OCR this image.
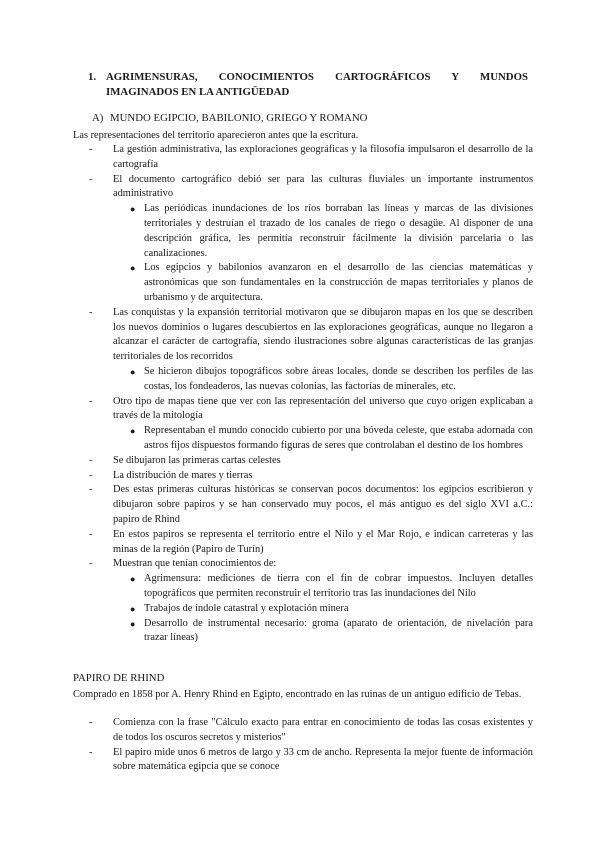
1. AGRIMENSURAS, CONOCIMIENTOS CARTOGRÁFICOS Y MUNDOS IMAGINADOS EN LA ANTIGÜEDAD
A) MUNDO EGIPCIO, BABILONIO, GRIEGO Y ROMANO
Las representaciones del territorio aparecieron antes que la escritura.
- La gestión administrativa, las exploraciones geográficas y la filosofía impulsaron el desarrollo de la cartografía
- El documento cartográfico debió ser para las culturas fluviales un importante instrumentos administrativo
● Las periódicas inundaciones de los ríos borraban las líneas y marcas de las divisiones territoriales y destruían el trazado de los canales de riego o desagüe. Al disponer de una descripción gráfica, les permitía reconstruir fácilmente la división parcelaria o las canalizaciones.
● Los egipcios y babilonios avanzaron en el desarrollo de las ciencias matemáticas y astronómicas que son fundamentales en la construcción de mapas territoriales y planos de urbanismo y de arquitectura.
- Las conquistas y la expansión territorial motivaron que se dibujaron mapas en los que se describen los nuevos dominios o lugares descubiertos en las exploraciones geográficas, aunque no llegaron a alcanzar el carácter de cartografía, siendo ilustraciones sobre algunas características de las granjas territoriales de los recorridos
● Se hicieron dibujos topográficos sobre áreas locales, donde se describen los perfiles de las costas, los fondeaderos, las nuevas colonias, las factorías de minerales, etc.
- Otro tipo de mapas tiene que ver con las representación del universo que cuyo origen explicaban a través de la mitología
● Representaban el mundo conocido cubierto por una bóveda celeste, que estaba adornada con astros fijos dispuestos formando figuras de seres que controlaban el destino de los hombres
- Se dibujaron las primeras cartas celestes
- La distribución de mares y tierras
- Des estas primeras culturas históricas se conservan pocos documentos: los egipcios escribieron y dibujaron sobre papiros y se han conservado muy pocos, el más antiguo es del siglo XVI a.C.: papiro de Rhind
- En estos papiros se representa el territorio entre el Nilo y el Mar Rojo, e indican carreteras y las minas de la región (Papiro de Turín)
- Muestran que tenían conocimientos de:
● Agrimensura: mediciones de tierra con el fin de cobrar impuestos. Incluyen detalles topográficos que permiten reconstruir el territorio tras las inundaciones del Nilo
● Trabajos de índole catastral y explotación minera
● Desarrollo de instrumental necesario: groma (aparato de orientación, de nivelación para trazar líneas)
PAPIRO DE RHIND
Comprado en 1858 por A. Henry Rhind en Egipto, encontrado en las ruinas de un antiguo edificio de Tebas.
- Comienza con la frase "Cálculo exacto para entrar en conocimiento de todas las cosas existentes y de todos los oscuros secretos y misterios"
- El papiro mide unos 6 metros de largo y 33 cm de ancho. Representa la mejor fuente de información sobre matemática egipcia que se conoce
